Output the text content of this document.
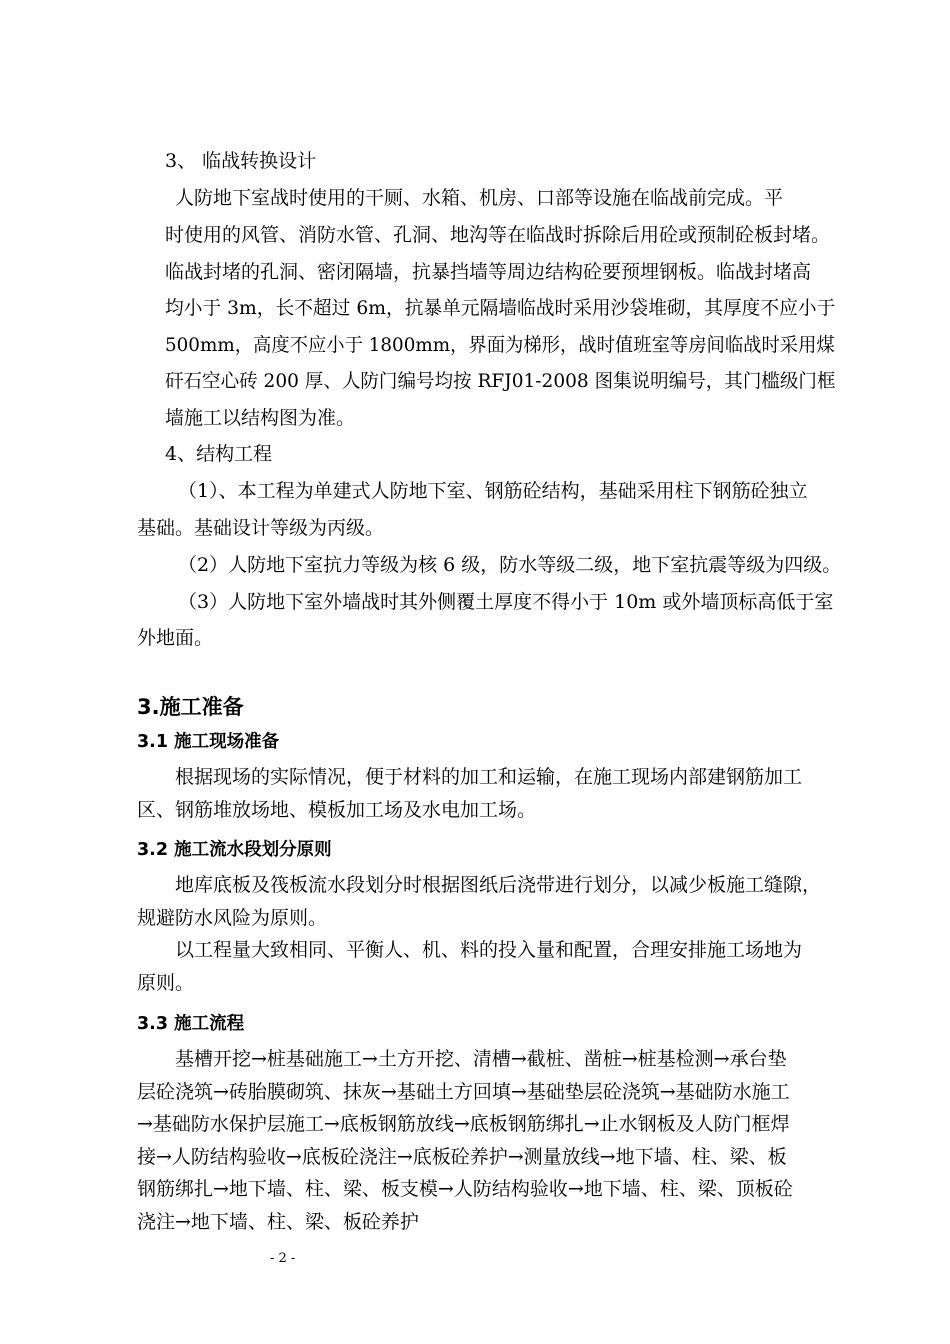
3、 临战转换设计
人防地下室战时使用的干厕、水箱、机房、口部等设施在临战前完成。平
时使用的风管、消防水管、孔洞、地沟等在临战时拆除后用砼或预制砼板封堵。
临战封堵的孔洞、密闭隔墙，抗暴挡墙等周边结构砼要预埋钢板。临战封堵高
均小于 3m，长不超过 6m，抗暴单元隔墙临战时采用沙袋堆砌，其厚度不应小于
500mm，高度不应小于 1800mm，界面为梯形，战时值班室等房间临战时采用煤
矸石空心砖 200 厚、人防门编号均按 RFJ01-2008 图集说明编号，其门槛级门框
墙施工以结构图为准。
4、结构工程
（1）、本工程为单建式人防地下室、钢筋砼结构，基础采用柱下钢筋砼独立
基础。基础设计等级为丙级。
（2）人防地下室抗力等级为核 6 级，防水等级二级，地下室抗震等级为四级。
（3）人防地下室外墙战时其外侧覆土厚度不得小于 10m 或外墙顶标高低于室
外地面。
3.施工准备
3.1 施工现场准备
根据现场的实际情况，便于材料的加工和运输，在施工现场内部建钢筋加工
区、钢筋堆放场地、模板加工场及水电加工场。
3.2 施工流水段划分原则
地库底板及筏板流水段划分时根据图纸后浇带进行划分，以减少板施工缝隙，
规避防水风险为原则。
以工程量大致相同、平衡人、机、料的投入量和配置，合理安排施工场地为
原则。
3.3 施工流程
基槽开挖→桩基础施工→土方开挖、清槽→截桩、凿桩→桩基检测→承台垫
层砼浇筑→砖胎膜砌筑、抹灰→基础土方回填→基础垫层砼浇筑→基础防水施工
→基础防水保护层施工→底板钢筋放线→底板钢筋绑扎→止水钢板及人防门框焊
接→人防结构验收→底板砼浇注→底板砼养护→测量放线→地下墙、柱、梁、板
钢筋绑扎→地下墙、柱、梁、板支模→人防结构验收→地下墙、柱、梁、顶板砼
浇注→地下墙、柱、梁、板砼养护
- 2 -
